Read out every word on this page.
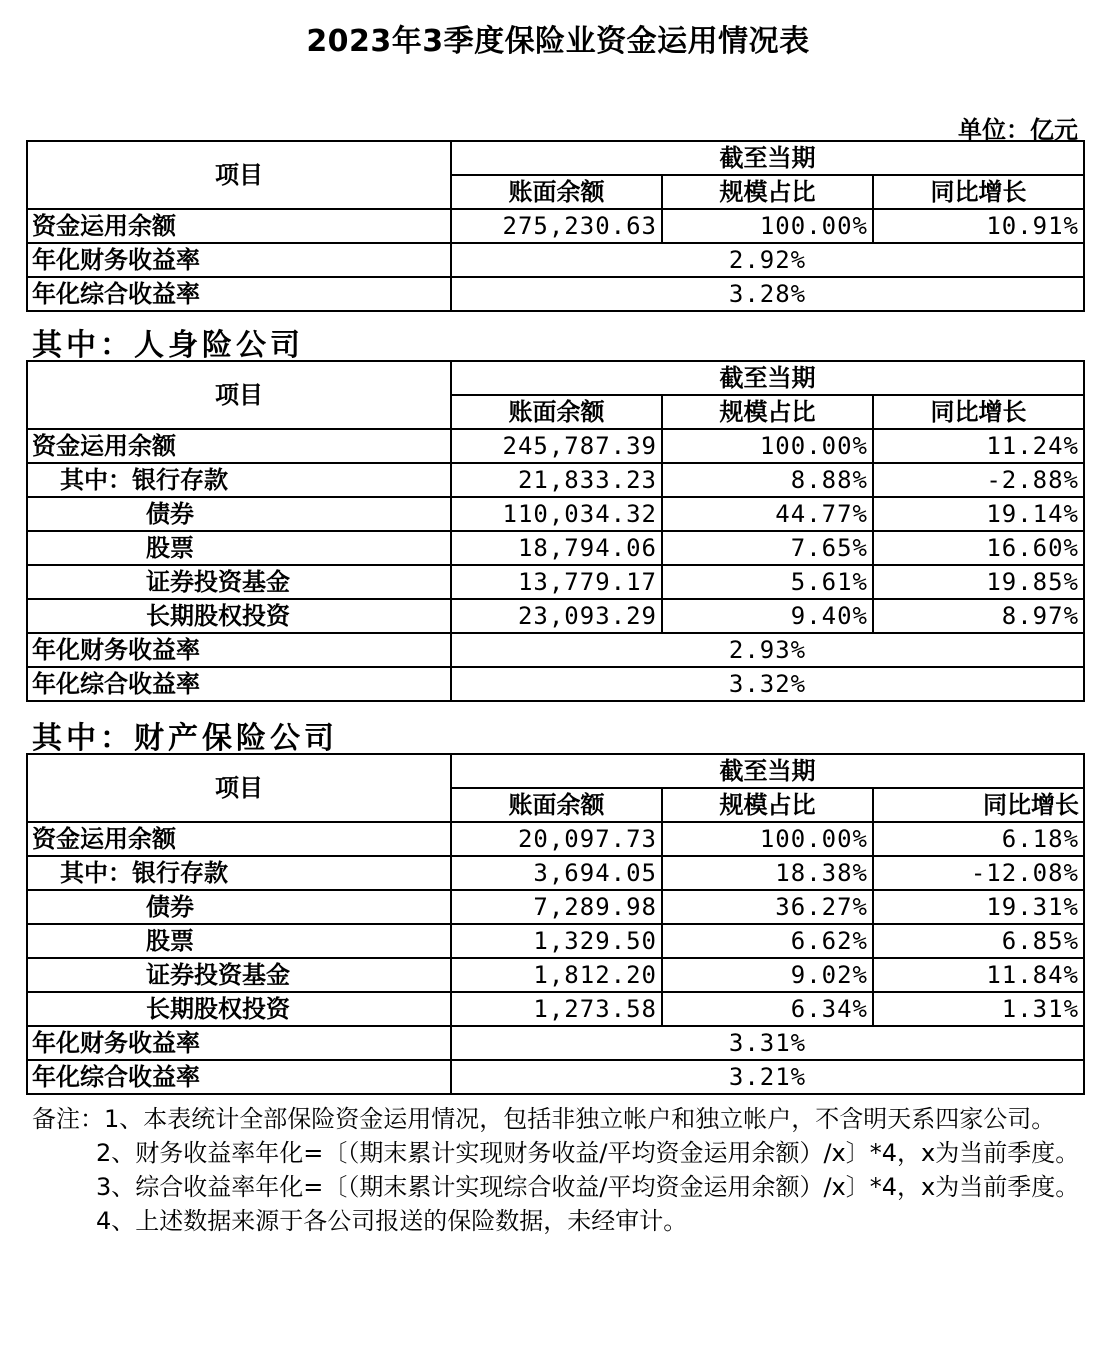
2023年3季度保险业资金运用情况表
单位：亿元
项目	截至当期		
	账面余额	规模占比	同比增长
资金运用余额	275,230.63	100.00%	10.91%
年化财务收益率	2.92%		
年化综合收益率	3.28%		
其中：人身险公司
项目	截至当期		
	账面余额	规模占比	同比增长
资金运用余额	245,787.39	100.00%	11.24%
其中：银行存款	21,833.23	8.88%	-2.88%
债券	110,034.32	44.77%	19.14%
股票	18,794.06	7.65%	16.60%
证券投资基金	13,779.17	5.61%	19.85%
长期股权投资	23,093.29	9.40%	8.97%
年化财务收益率	2.93%		
年化综合收益率	3.32%		
其中：财产保险公司
项目	截至当期		
	账面余额	规模占比	同比增长
资金运用余额	20,097.73	100.00%	6.18%
其中：银行存款	3,694.05	18.38%	-12.08%
债券	7,289.98	36.27%	19.31%
股票	1,329.50	6.62%	6.85%
证券投资基金	1,812.20	9.02%	11.84%
长期股权投资	1,273.58	6.34%	1.31%
年化财务收益率	3.31%		
年化综合收益率	3.21%		

备注：1、本表统计全部保险资金运用情况，包括非独立帐户和独立帐户，不含明天系四家公司。

2、财务收益率年化=〔（期末累计实现财务收益/平均资金运用余额）/x〕*4，x为当前季度。

3、综合收益率年化=〔（期末累计实现综合收益/平均资金运用余额）/x〕*4，x为当前季度。

4、上述数据来源于各公司报送的保险数据，未经审计。
